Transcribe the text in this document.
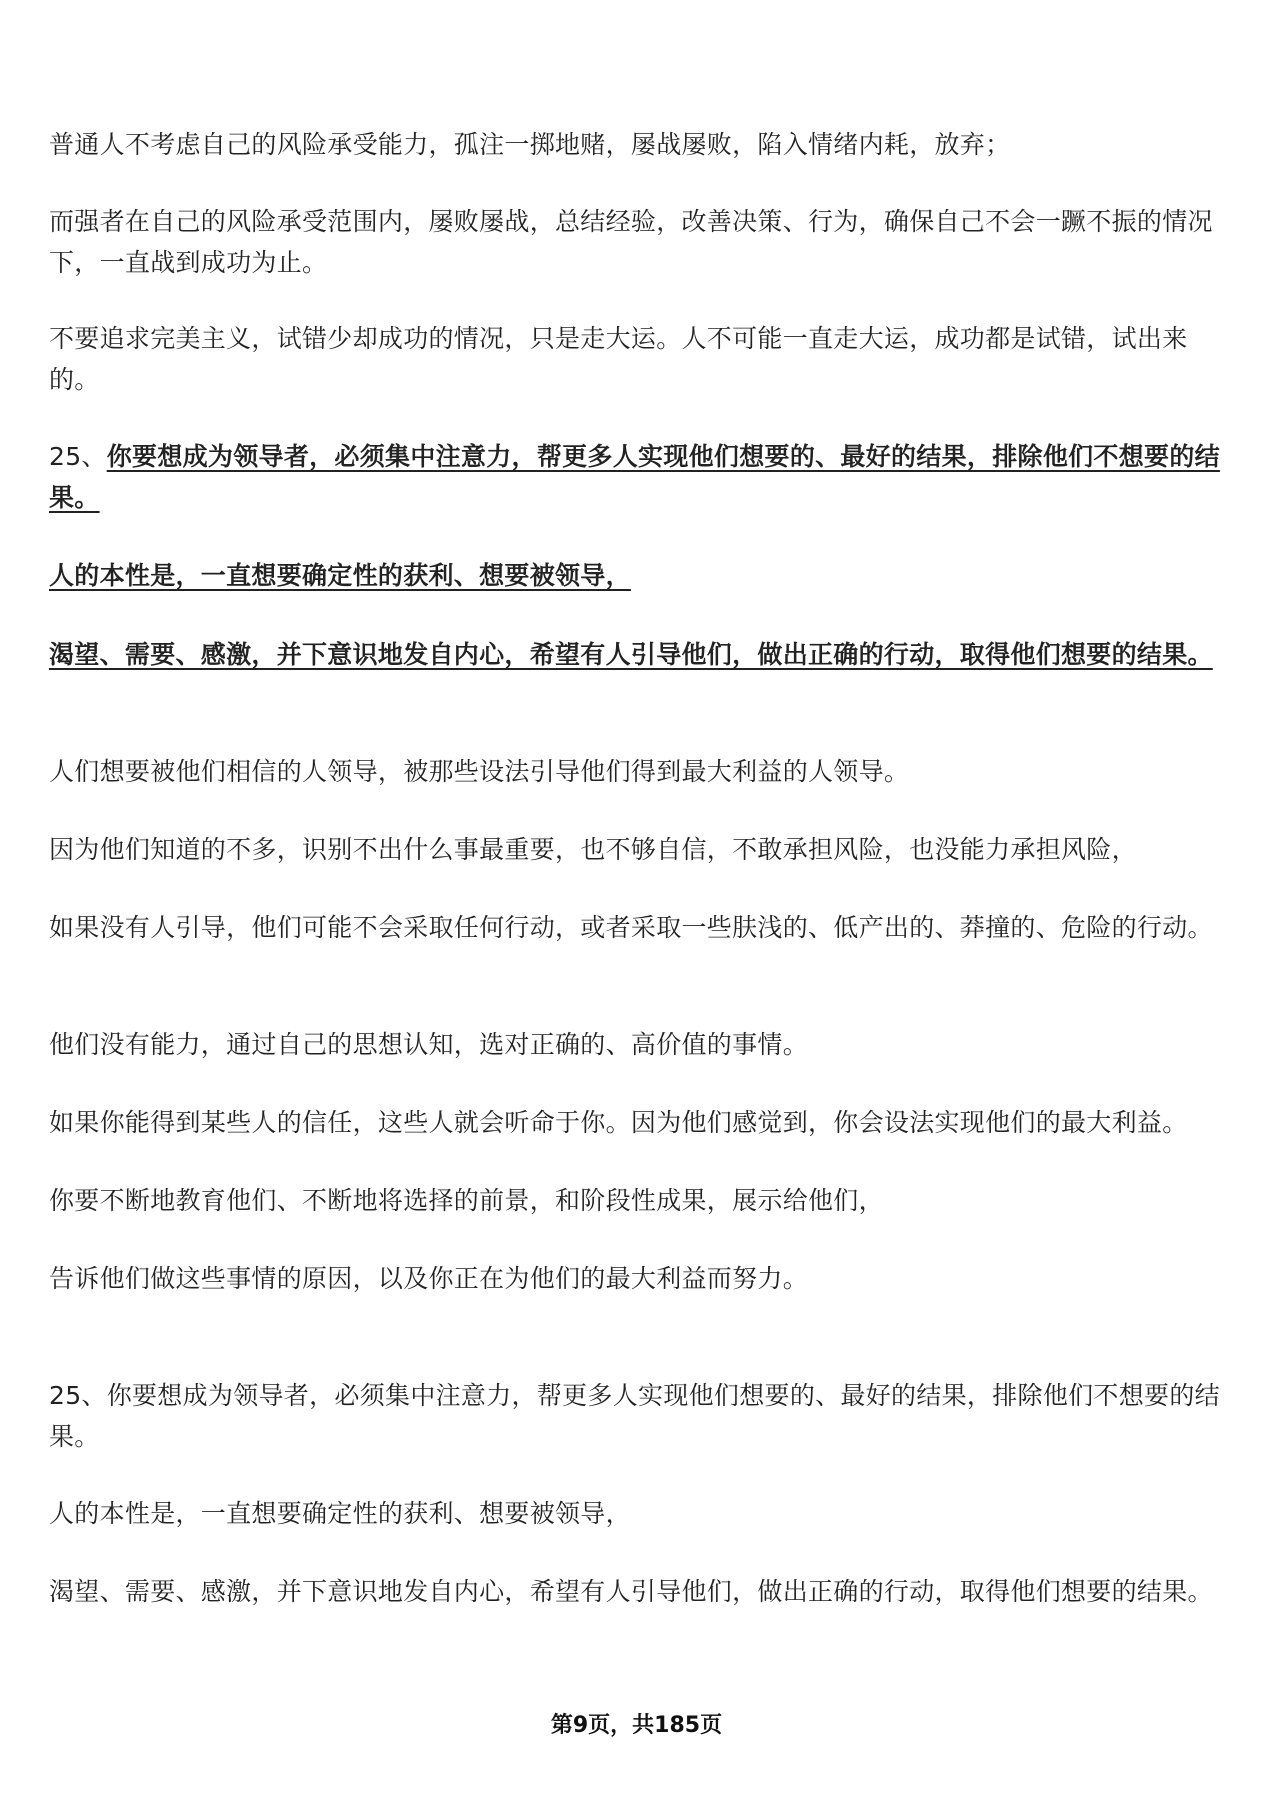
普通人不考虑自己的风险承受能力，孤注一掷地赌，屡战屡败，陷入情绪内耗，放弃；

而强者在自己的风险承受范围内，屡败屡战，总结经验，改善决策、行为，确保自己不会一蹶不振的情况下，一直战到成功为止。

不要追求完美主义，试错少却成功的情况，只是走大运。人不可能一直走大运，成功都是试错，试出来的。

25、你要想成为领导者，必须集中注意力，帮更多人实现他们想要的、最好的结果，排除他们不想要的结果。

人的本性是，一直想要确定性的获利、想要被领导，

渴望、需要、感激，并下意识地发自内心，希望有人引导他们，做出正确的行动，取得他们想要的结果。

人们想要被他们相信的人领导，被那些设法引导他们得到最大利益的人领导。

因为他们知道的不多，识别不出什么事最重要，也不够自信，不敢承担风险，也没能力承担风险，

如果没有人引导，他们可能不会采取任何行动，或者采取一些肤浅的、低产出的、莽撞的、危险的行动。

他们没有能力，通过自己的思想认知，选对正确的、高价值的事情。

如果你能得到某些人的信任，这些人就会听命于你。因为他们感觉到，你会设法实现他们的最大利益。

你要不断地教育他们、不断地将选择的前景，和阶段性成果，展示给他们，

告诉他们做这些事情的原因，以及你正在为他们的最大利益而努力。

25、你要想成为领导者，必须集中注意力，帮更多人实现他们想要的、最好的结果，排除他们不想要的结果。

人的本性是，一直想要确定性的获利、想要被领导，

渴望、需要、感激，并下意识地发自内心，希望有人引导他们，做出正确的行动，取得他们想要的结果。

第9页，共185页
